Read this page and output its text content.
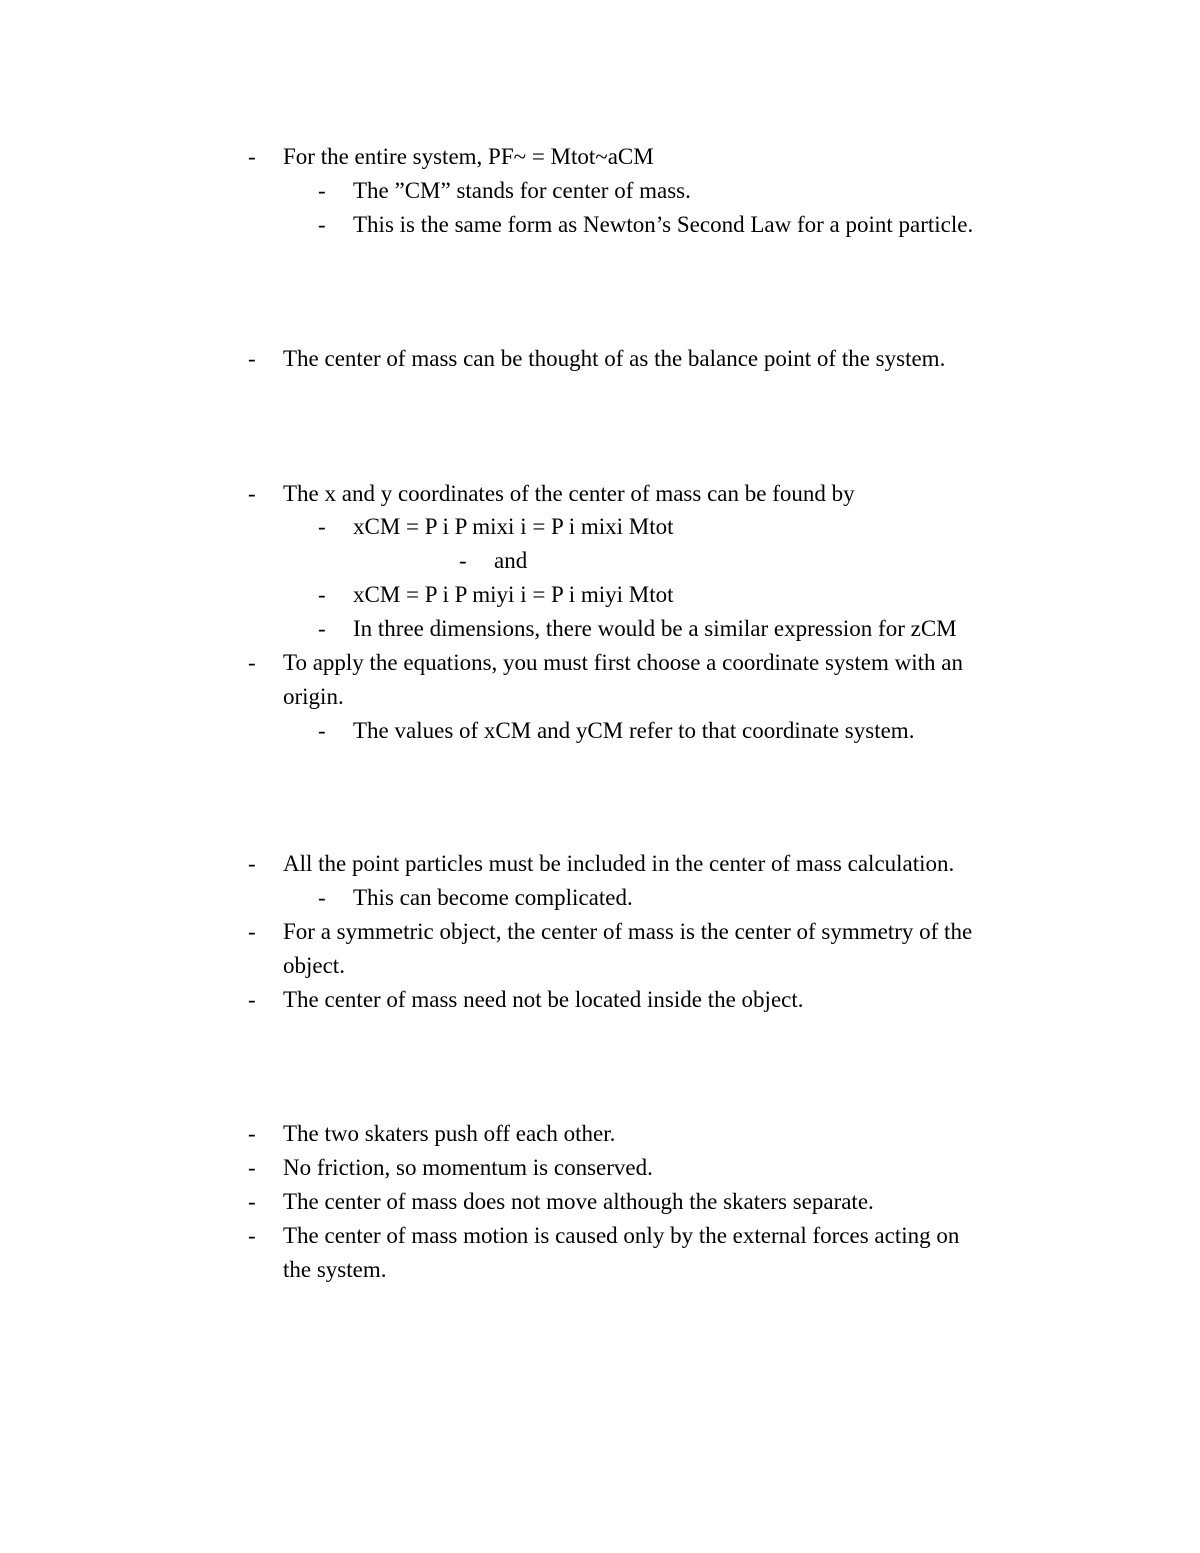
- For the entire system, PF~ = Mtot~aCM
- The ”CM” stands for center of mass.
- This is the same form as Newton’s Second Law for a point particle.
- The center of mass can be thought of as the balance point of the system.
- The x and y coordinates of the center of mass can be found by
- xCM = P i P mixi i = P i mixi Mtot
- and
- xCM = P i P miyi i = P i miyi Mtot
- In three dimensions, there would be a similar expression for zCM
- To apply the equations, you must first choose a coordinate system with an
origin.
- The values of xCM and yCM refer to that coordinate system.
- All the point particles must be included in the center of mass calculation.
- This can become complicated.
- For a symmetric object, the center of mass is the center of symmetry of the
object.
- The center of mass need not be located inside the object.
- The two skaters push off each other.
- No friction, so momentum is conserved.
- The center of mass does not move although the skaters separate.
- The center of mass motion is caused only by the external forces acting on
the system.
